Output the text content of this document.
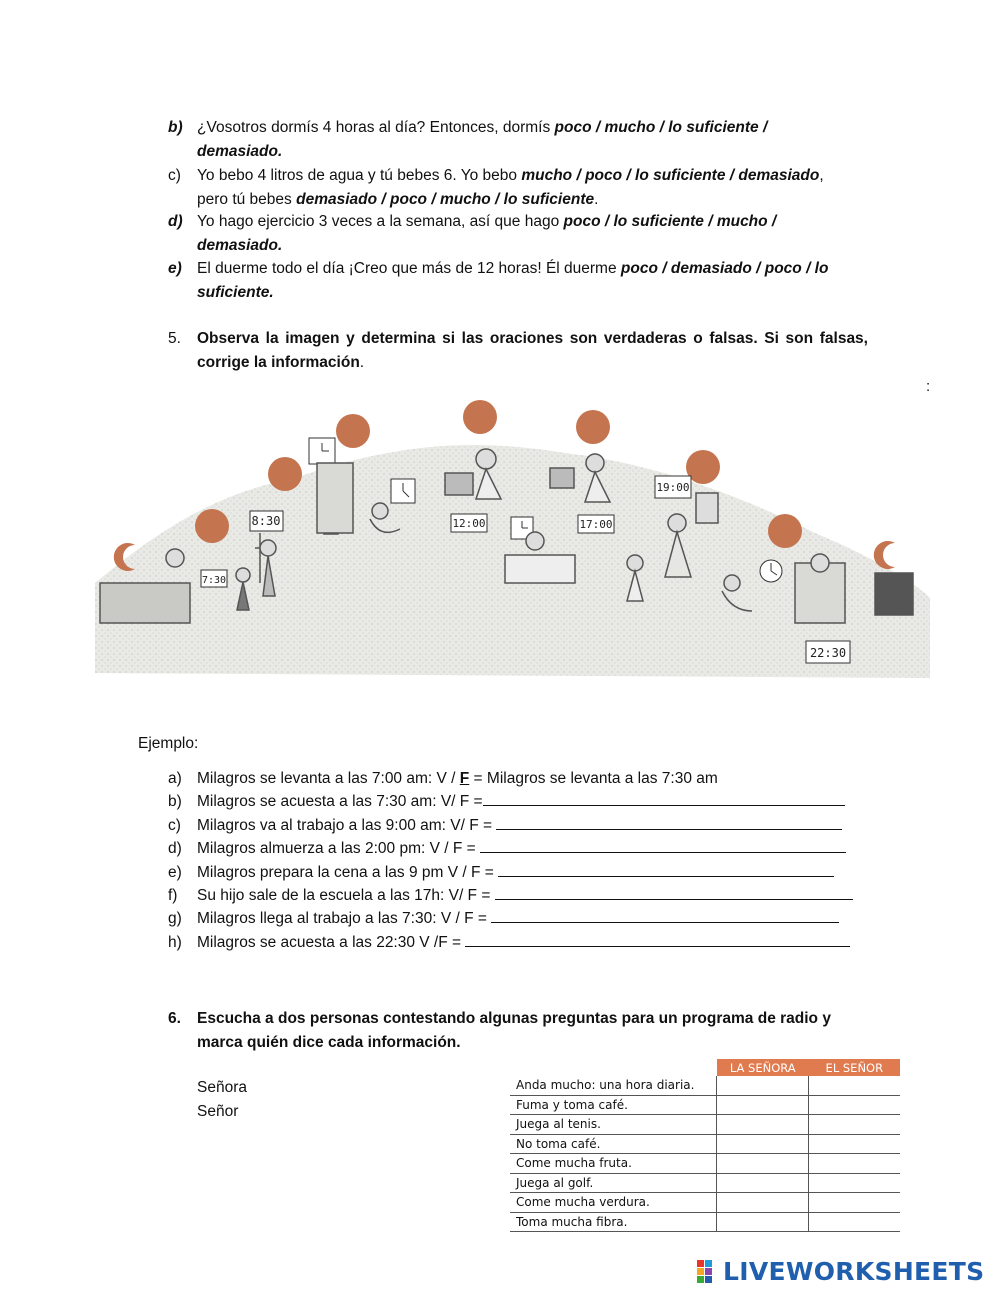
b) ¿Vosotros dormís 4 horas al día? Entonces, dormís poco / mucho / lo suficiente /
demasiado.
c)	Yo bebo 4 litros de agua y tú bebes 6. Yo bebo mucho / poco / lo suficiente / demasiado,
pero tú bebes demasiado / poco / mucho / lo suficiente.
d) Yo hago ejercicio 3 veces a la semana, así que hago poco / lo suficiente / mucho /
demasiado.
e) El duerme todo el día ¡Creo que más de 12 horas! Él duerme poco / demasiado / poco / lo
suficiente.
5.	Observa la imagen y determina si las oraciones son verdaderas o falsas. Si son falsas,
corrige la información.
:
7:30
8:30	12:00	17:00
19:00
22:30
Ejemplo:
a) Milagros se levanta a las 7:00 am: V / F = Milagros se levanta a las 7:30 am
b) Milagros se acuesta a las 7:30 am: V/ F =
c)	Milagros va al trabajo a las 9:00 am: V/ F =
d) Milagros almuerza a las 2:00 pm: V / F =
e) Milagros prepara la cena a las 9 pm V / F =
f)	Su hijo sale de la escuela a las 17h: V/ F =
g) Milagros llega al trabajo a las 7:30: V / F =
h) Milagros se acuesta a las 22:30 V /F =
6.	Escucha a dos personas contestando algunas preguntas para un programa de radio y
marca quién dice cada información.
Señora
Señor
	LA SEÑORA	EL SEÑOR
Anda mucho: una hora diaria.		
Fuma y toma café.		
Juega al tenis.		
No toma café.		
Come mucha fruta.		
Juega al golf.		
Come mucha verdura.		
Toma mucha fibra.		
LIVEWORKSHEETS
